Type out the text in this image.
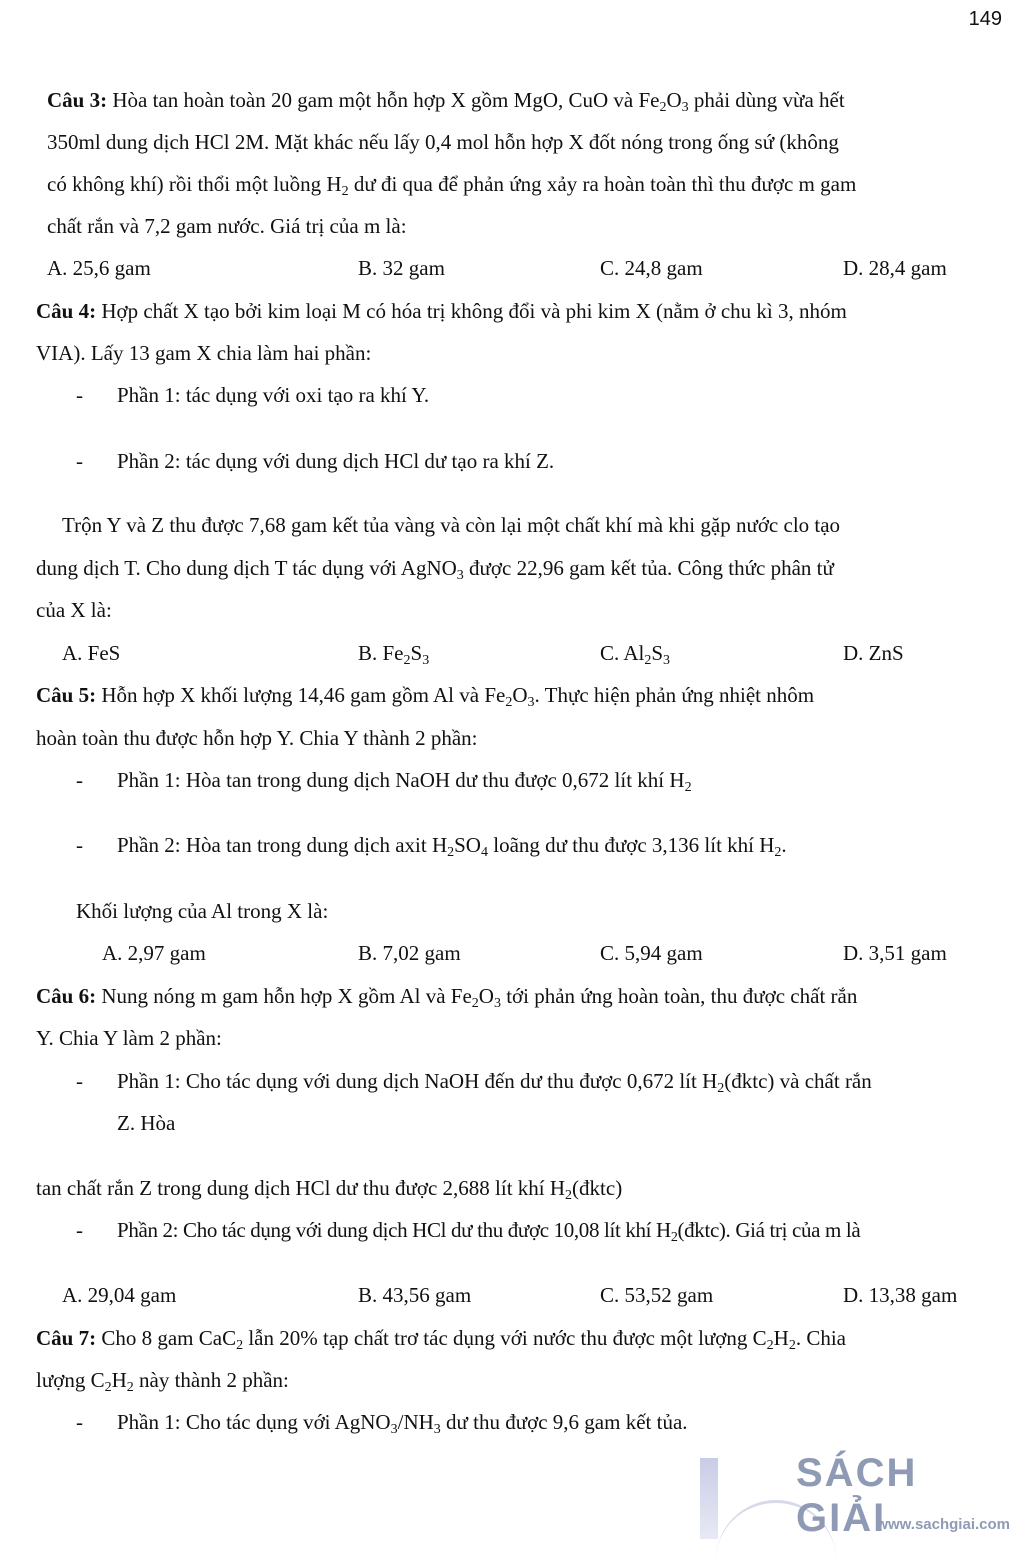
149
Câu 3: Hòa tan hoàn toàn 20 gam một hỗn hợp X gồm MgO, CuO và $Fe_2O_3$ phải dùng vừa hết
350ml dung dịch HCl 2M. Mặt khác nếu lấy 0,4 mol hỗn hợp X đốt nóng trong ống sứ (không
có không khí) rồi thổi một luồng $H_2$ dư đi qua để phản ứng xảy ra hoàn toàn thì thu được m gam
chất rắn và 7,2 gam nước. Giá trị của m là:
A. 25,6 gam	B. 32 gam	C. 24,8 gam	D. 28,4 gam
Câu 4: Hợp chất X tạo bởi kim loại M có hóa trị không đổi và phi kim X (nằm ở chu kì 3, nhóm
VIA). Lấy 13 gam X chia làm hai phần:
- Phần 1: tác dụng với oxi tạo ra khí Y.
- Phần 2: tác dụng với dung dịch HCl dư tạo ra khí Z.
Trộn Y và Z thu được 7,68 gam kết tủa vàng và còn lại một chất khí mà khi gặp nước clo tạo
dung dịch T. Cho dung dịch T tác dụng với AgNO$_3$ được 22,96 gam kết tủa. Công thức phân tử
của X là:
A. FeS	B. $Fe_2S_3$	C. $Al_2S_3$	D. ZnS
Câu 5: Hỗn hợp X khối lượng 14,46 gam gồm Al và $Fe_2O_3$. Thực hiện phản ứng nhiệt nhôm
hoàn toàn thu được hỗn hợp Y. Chia Y thành 2 phần:
- Phần 1: Hòa tan trong dung dịch NaOH dư thu được 0,672 lít khí $H_2$
- Phần 2: Hòa tan trong dung dịch axit $H_2SO_4$ loãng dư thu được 3,136 lít khí $H_2$.
Khối lượng của Al trong X là:
A. 2,97 gam	B. 7,02 gam	C. 5,94 gam	D. 3,51 gam
Câu 6: Nung nóng m gam hỗn hợp X gồm Al và $Fe_2O_3$ tới phản ứng hoàn toàn, thu được chất rắn
Y. Chia Y làm 2 phần:
- Phần 1: Cho tác dụng với dung dịch NaOH đến dư thu được 0,672 lít $H_2(đktc)$ và chất rắn
Z. Hòa
tan chất rắn Z trong dung dịch HCl dư thu được 2,688 lít khí $H_2(đktc)$
- Phần 2: Cho tác dụng với dung dịch HCl dư thu được 10,08 lít khí $H_2(đktc)$. Giá trị của m là
A. 29,04 gam	B. 43,56 gam	C. 53,52 gam	D. 13,38 gam
Câu 7: Cho 8 gam CaC$_2$ lẫn 20% tạp chất trơ tác dụng với nước thu được một lượng $C_2H_2$. Chia
lượng $C_2H_2$ này thành 2 phần:
- Phần 1: Cho tác dụng với $AgNO_3/NH_3$ dư thu được 9,6 gam kết tủa.
SÁCH GIẢI
www.sachgiai.com
